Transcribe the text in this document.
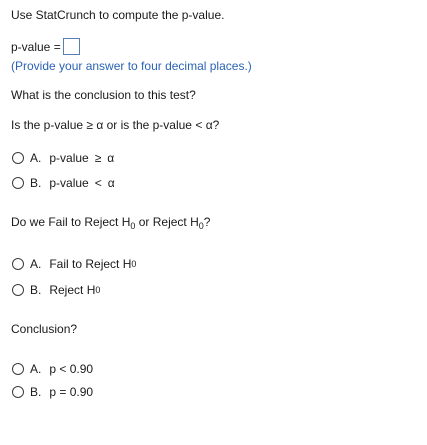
Use StatCrunch to compute the p-value.
p-value =
(Provide your answer to four decimal places.)
What is the conclusion to this test?
Is the p-value ≥ α or is the p-value < α?
A. p-value ≥ α
B. p-value < α
Do we Fail to Reject $H_0$ or Reject $H_0$?
A. Fail to Reject H 0
B. Reject H 0
Conclusion?
A. p < 0.90
B. p = 0.90
